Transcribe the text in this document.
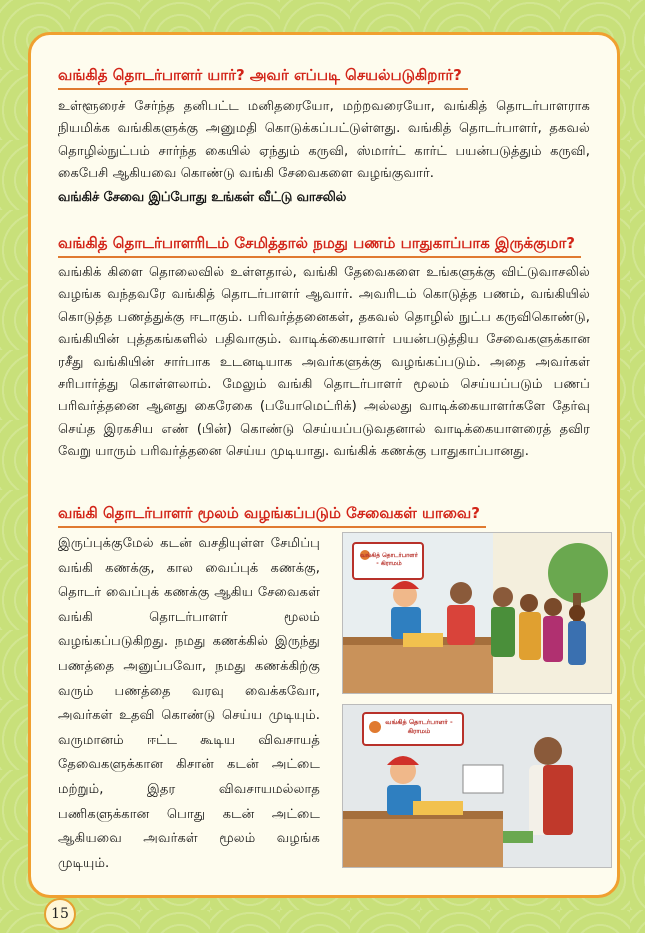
வங்கித் தொடர்பாளர் யார்? அவர் எப்படி செயல்படுகிறார்?
உள்ளூரைச் சேர்ந்த தனிபட்ட மனிதரையோ, மற்றவரையோ, வங்கித் தொடர்பாளராக நியமிக்க வங்கிகளுக்கு அனுமதி கொடுக்கப்பட்டுள்ளது. வங்கித் தொடர்பாளர், தகவல் தொழில்நுட்பம் சார்ந்த கையில் ஏந்தும் கருவி, ஸ்மார்ட் கார்ட் பயன்படுத்தும் கருவி, கைபேசி ஆகியவை கொண்டு வங்கி சேவைகளை வழங்குவார்.
வங்கிச் சேவை இப்போது உங்கள் வீட்டு வாசலில்
வங்கித் தொடர்பாளரிடம் சேமித்தால் நமது பணம் பாதுகாப்பாக இருக்குமா?
வங்கிக் கிளை தொலைவில் உள்ளதால், வங்கி தேவைகளை உங்களுக்கு விட்டுவாசலில் வழங்க வந்தவரே வங்கித் தொடர்பாளர் ஆவார். அவரிடம் கொடுத்த பணம், வங்கியில் கொடுத்த பணத்துக்கு ஈடாகும். பரிவர்த்தனைகள், தகவல் தொழில் நுட்ப கருவிகொண்டு, வங்கியின் புத்தகங்களில் பதிவாகும். வாடிக்கையாளர் பயன்படுத்திய சேவைகளுக்கான ரசீது வங்கியின் சார்பாக உடனடியாக அவர்களுக்கு வழங்கப்படும். அதை அவர்கள் சரிபார்த்து கொள்ளலாம். மேலும் வங்கி தொடர்பாளர் மூலம் செய்யப்படும் பணப் பரிவர்த்தனை ஆனது கைரேகை (பயோமெட்ரிக்) அல்லது வாடிக்கையாளர்களே தேர்வு செய்த இரகசிய எண் (பின்) கொண்டு செய்யப்படுவதனால் வாடிக்கையாளரைத் தவிர வேறு யாரும் பரிவர்த்தனை செய்ய முடியாது. வங்கிக் கணக்கு பாதுகாப்பானது.
வங்கி தொடர்பாளர் மூலம் வழங்கப்படும் சேவைகள் யாவை?
இருப்புக்குமேல் கடன் வசதியுள்ள சேமிப்பு வங்கி கணக்கு, கால வைப்புக் கணக்கு, தொடர் வைப்புக் கணக்கு ஆகிய சேவைகள் வங்கி தொடர்பாளர் மூலம் வழங்கப்படுகிறது. நமது கணக்கில் இருந்து பணத்தை அனுப்பவோ, நமது கணக்கிற்கு வரும் பணத்தை வரவு வைக்கவோ, அவர்கள் உதவி கொண்டு செய்ய முடியும். வருமானம் ஈட்ட கூடிய விவசாயத் தேவைகளுக்கான கிசான் கடன் அட்டை மற்றும், இதர விவசாயமல்லாத பணிகளுக்கான பொது கடன் அட்டை ஆகியவை அவர்கள் மூலம் வழங்க முடியும்.
வங்கித் தொடர்பாளர் - கிராமம்
வங்கித் தொடர்பாளர் - கிராமம்
15
